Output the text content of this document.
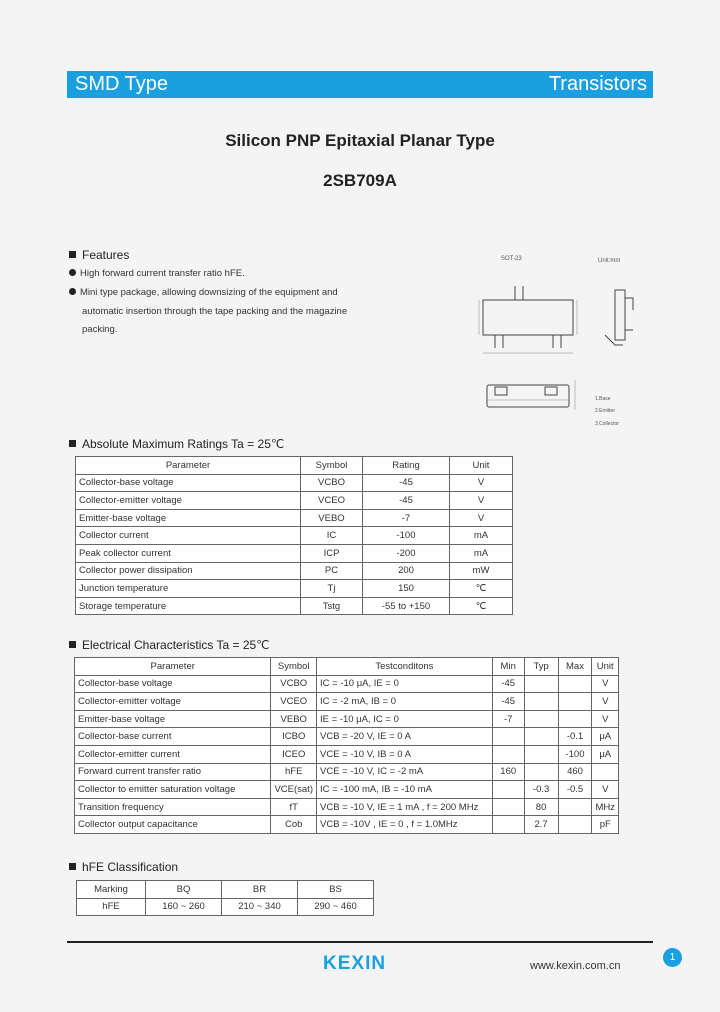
SMD Type	Transistors
Silicon PNP Epitaxial Planar Type
2SB709A
Features
High forward current transfer ratio hFE.
Mini type package, allowing downsizing of the equipment and
automatic insertion through the tape packing and the magazine
packing.
SOT-23	Unit:mm
1.Base
2.Emitter
3.Collector
Absolute Maximum Ratings Ta = 25℃
Parameter	Symbol	Rating	Unit
Collector-base voltage	VCBO	-45	V
Collector-emitter voltage	VCEO	-45	V
Emitter-base voltage	VEBO	-7	V
Collector current	IC	-100	mA
Peak collector current	ICP	-200	mA
Collector power dissipation	PC	200	mW
Junction temperature	Tj	150	℃
Storage temperature	Tstg	-55 to +150	℃
Electrical Characteristics Ta = 25℃
Parameter	Symbol	Testconditons	Min	Typ	Max	Unit
Collector-base voltage	VCBO	IC = -10 μA, IE = 0	-45			V
Collector-emitter voltage	VCEO	IC = -2 mA, IB = 0	-45			V
Emitter-base voltage	VEBO	IE = -10 μA, IC = 0	-7			V
Collector-base current	ICBO	VCB = -20 V, IE = 0 A			-0.1	μA
Collector-emitter current	ICEO	VCE = -10 V, IB = 0 A			-100	μA
Forward current transfer ratio	hFE	VCE = -10 V, IC = -2 mA	160		460	
Collector to emitter saturation voltage	VCE(sat)	IC = -100 mA, IB = -10 mA		-0.3	-0.5	V
Transition frequency	fT	VCB = -10 V, IE = 1 mA , f = 200 MHz		80		MHz
Collector output capacitance	Cob	VCB = -10V , IE = 0 , f = 1.0MHz		2.7		pF
hFE Classification
Marking	BQ	BR	BS
hFE	160 ~ 260	210 ~ 340	290 ~ 460
KEXIN	www.kexin.com.cn
1
